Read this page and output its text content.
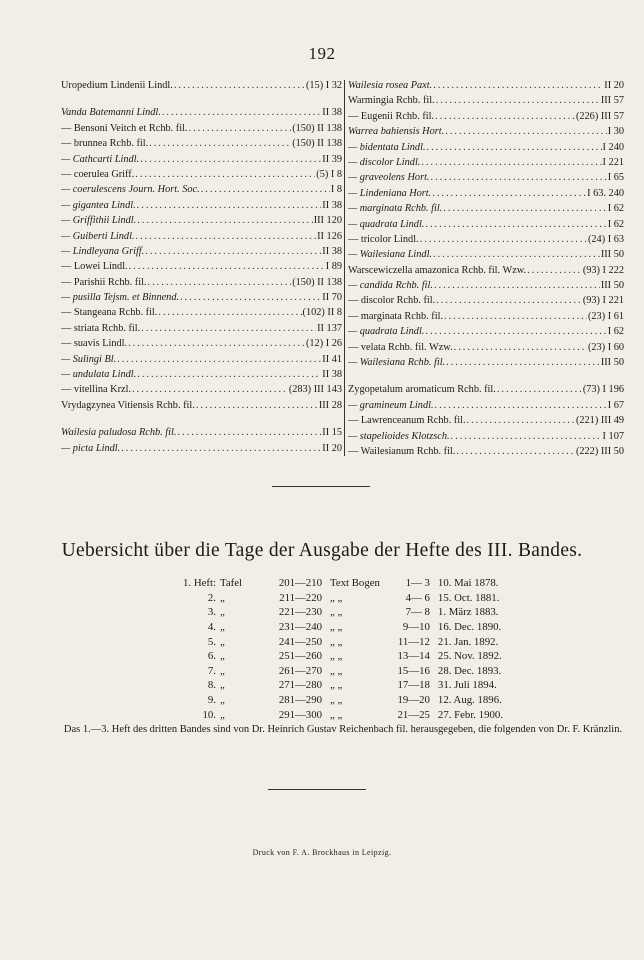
192
Uropedium Lindenii Lindl. .....	(15) I 32
Vanda Batemanni Lindl. .....	II 38
— Bensoni Veitch et Rchb. fil. .....	(150) II 138
— brunnea Rchb. fil. .....	(150) II 138
— Cathcarti Lindl. .....	II 39
— coerulea Griff. .....	(5) I 8
— coerulescens Journ. Hort. Soc. .....	I 8
— gigantea Lindl. .....	II 38
— Griffithii Lindl. .....	III 120
— Guiberti Lindl. .....	II 126
— Lindleyana Griff. .....	II 38
— Lowei Lindl. .....	I 89
— Parishii Rchb. fil. .....	(150) II 138
— pusilla Tejsm. et Binnend. .....	II 70
— Stangeana Rchb. fil. .....	(102) II 8
— striata Rchb. fil. .....	II 137
— suavis Lindl. .....	(12) I 26
— Sulingi Bl. .....	II 41
— undulata Lindl. .....	II 38
— vitellina Krzl. .....	(283) III 143
Vrydagzynea Vitiensis Rchb. fil. .....	III 28
Wailesia paludosa Rchb. fil. .....	II 15
— picta Lindl. .....	II 20
Wailesia rosea Paxt. .....	II 20
Warmingia Rchb. fil. .....	III 57
— Eugenii Rchb. fil. .....	(226) III 57
Warrea bahiensis Hort. .....	I 30
— bidentata Lindl. .....	I 240
— discolor Lindl. .....	I 221
— graveolens Hort. .....	I 65
— Lindeniana Hort. .....	I 63. 240
— marginata Rchb. fil. .....	I 62
— quadrata Lindl. .....	I 62
— tricolor Lindl. .....	(24) I 63
— Wailesiana Lindl. .....	III 50
Warscewiczella amazonica Rchb. fil. Wzw. .....	(93) I 222
— candida Rchb. fil. .....	III 50
— discolor Rchb. fil. .....	(93) I 221
— marginata Rchb. fil. .....	(23) I 61
— quadrata Lindl. .....	I 62
— velata Rchb. fil. Wzw. .....	(23) I 60
— Wailesiana Rchb. fil. .....	III 50
Zygopetalum aromaticum Rchb. fil. .....	(73) I 196
— gramineum Lindl. .....	I 67
— Lawrenceanum Rchb. fil. .....	(221) III 49
— stapelioides Klotzsch. .....	I 107
— Wailesianum Rchb. fil. .....	(222) III 50
Uebersicht über die Tage der Ausgabe der Hefte des III. Bandes.
1. Heft:	Tafel	201—210	Text Bogen	1— 3	10. Mai 1878.
2.	„	211—220	„ „	4— 6	15. Oct. 1881.
3.	„	221—230	„ „	7— 8	1. März 1883.
4.	„	231—240	„ „	9—10	16. Dec. 1890.
5.	„	241—250	„ „	11—12	21. Jan. 1892.
6.	„	251—260	„ „	13—14	25. Nov. 1892.
7.	„	261—270	„ „	15—16	28. Dec. 1893.
8.	„	271—280	„ „	17—18	31. Juli 1894.
9.	„	281—290	„ „	19—20	12. Aug. 1896.
10.	„	291—300	„ „	21—25	27. Febr. 1900.
Das 1.—3. Heft des dritten Bandes sind von Dr. Heinrich Gustav Reichenbach fil. herausgegeben, die folgenden von Dr. F. Kränzlin.
Druck von F. A. Brockhaus in Leipzig.
